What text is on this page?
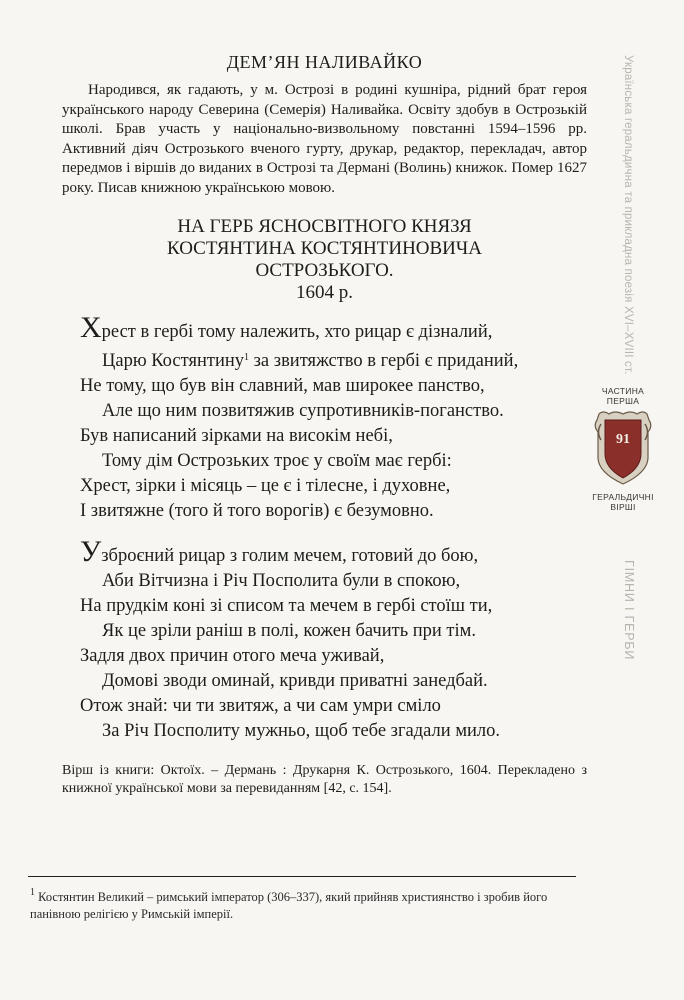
ДЕМ’ЯН НАЛИВАЙКО

Народився, як гадають, у м. Острозі в родині кушніра, рідний брат героя українського народу Северина (Семерія) Наливайка. Освіту здобув в Острозькій школі. Брав участь у національно-визвольному повстанні 1594–1596 рр. Активний діяч Острозького вченого гурту, друкар, редактор, перекладач, автор передмов і віршів до виданих в Острозі та Дермані (Волинь) книжок. Помер 1627 року. Писав книжною українською мовою.

НА ГЕРБ ЯСНОСВІТНОГО КНЯЗЯ
КОСТЯНТИНА КОСТЯНТИНОВИЧА
ОСТРОЗЬКОГО.
1604 р.
Хрест в гербі тому належить, хто рицар є дізналий,
Царю Костянтину$^1$ за звитяжство в гербі є приданий,
Не тому, що був він славний, мав широкее панство,
Але що ним позвитяжив супротивників-поганство.
Був написаний зірками на високім небі,
Тому дім Острозьких троє у своїм має гербі:
Хрест, зірки і місяць – це є і тілесне, і духовне,
І звитяжне (того й того ворогів) є безумовно.
Узброєний рицар з голим мечем, готовий до бою,
Аби Вітчизна і Річ Посполита були в спокою,
На прудкім коні зі списом та мечем в гербі стоїш ти,
Як це зріли раніш в полі, кожен бачить при тім.
Задля двох причин отого меча уживай,
Домові зводи оминай, кривди приватні занедбай.
Отож знай: чи ти звитяж, а чи сам умри сміло
За Річ Посполиту мужньо, щоб тебе згадали мило.

Вірш із книги: Октоїх. – Дермань : Друкарня К. Острозького, 1604. Перекладено з книжної української мови за перевиданням [42, с. 154].

$^1$ Костянтин Великий – римський імператор (306–337), який прийняв християнство і зробив його панівною релігією у Римській імперії.
Українська геральдична та прикладна поезія XVI–XVIII ст.
ЧАСТИНА ПЕРША
91
ГЕРАЛЬДИЧНІ ВІРШІ
ГІМНИ І ГЕРБИ
